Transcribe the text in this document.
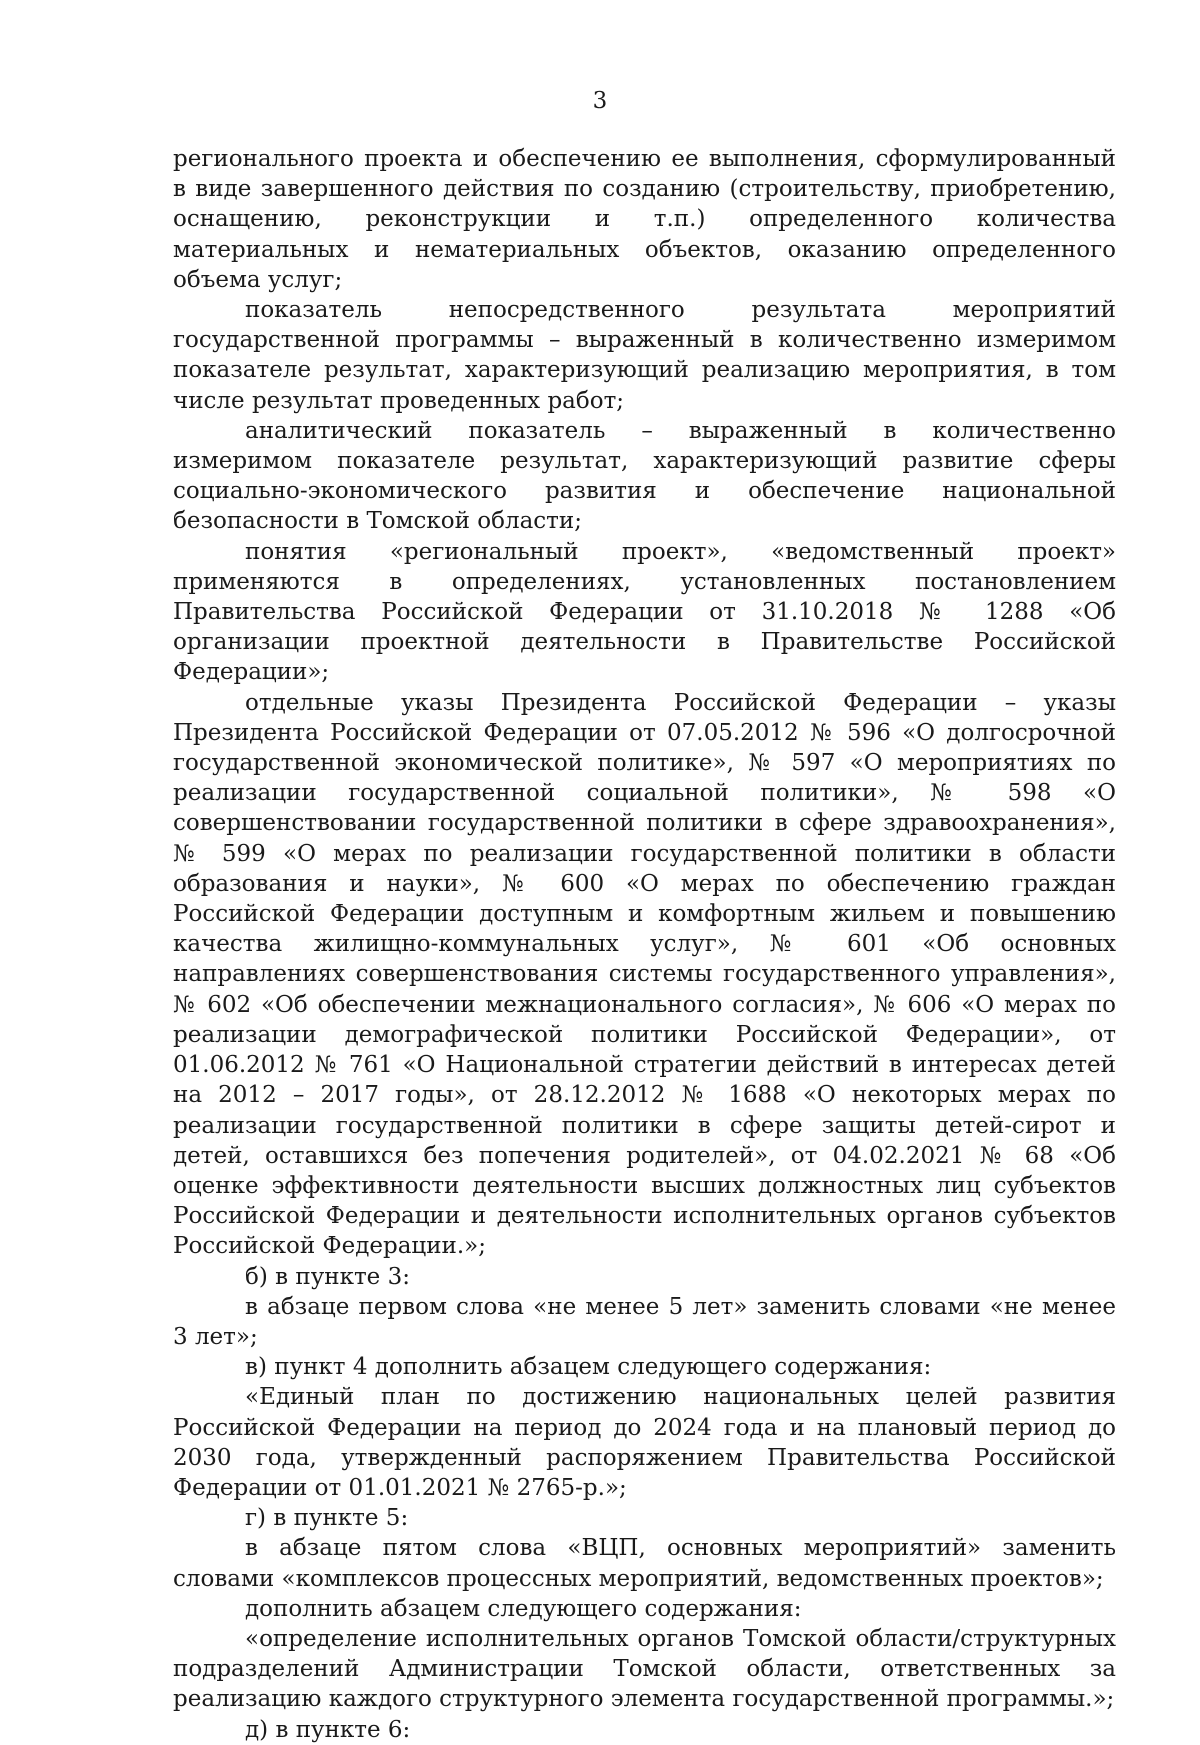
3

регионального проекта и обеспечению ее выполнения, сформулированный в виде завершенного действия по созданию (строительству, приобретению, оснащению, реконструкции и т.п.) определенного количества материальных и нематериальных объектов, оказанию определенного объема услуг;

показатель непосредственного результата мероприятий государственной программы – выраженный в количественно измеримом показателе результат, характеризующий реализацию мероприятия, в том числе результат проведенных работ;

аналитический показатель – выраженный в количественно измеримом показателе результат, характеризующий развитие сферы социально-экономического развития и обеспечение национальной безопасности в Томской области;

понятия «региональный проект», «ведомственный проект» применяются в определениях, установленных постановлением Правительства Российской Федерации от 31.10.2018 № 1288 «Об организации проектной деятельности в Правительстве Российской Федерации»;

отдельные указы Президента Российской Федерации – указы Президента Российской Федерации от 07.05.2012 № 596 «О долгосрочной государственной экономической политике», № 597 «О мероприятиях по реализации государственной социальной политики», № 598 «О совершенствовании государственной политики в сфере здравоохранения», № 599 «О мерах по реализации государственной политики в области образования и науки», № 600 «О мерах по обеспечению граждан Российской Федерации доступным и комфортным жильем и повышению качества жилищно-коммунальных услуг», № 601 «Об основных направлениях совершенствования системы государственного управления», № 602 «Об обеспечении межнационального согласия», № 606 «О мерах по реализации демографической политики Российской Федерации», от 01.06.2012 № 761 «О Национальной стратегии действий в интересах детей на 2012 – 2017 годы», от 28.12.2012 № 1688 «О некоторых мерах по реализации государственной политики в сфере защиты детей-сирот и детей, оставшихся без попечения родителей», от 04.02.2021 № 68 «Об оценке эффективности деятельности высших должностных лиц субъектов Российской Федерации и деятельности исполнительных органов субъектов Российской Федерации.»;

б) в пункте 3:

в абзаце первом слова «не менее 5 лет» заменить словами «не менее 3 лет»;

в) пункт 4 дополнить абзацем следующего содержания:

«Единый план по достижению национальных целей развития Российской Федерации на период до 2024 года и на плановый период до 2030 года, утвержденный распоряжением Правительства Российской Федерации от 01.01.2021 № 2765-р.»;

г) в пункте 5:

в абзаце пятом слова «ВЦП, основных мероприятий» заменить словами «комплексов процессных мероприятий, ведомственных проектов»;

дополнить абзацем следующего содержания:

«определение исполнительных органов Томской области/структурных подразделений Администрации Томской области, ответственных за реализацию каждого структурного элемента государственной программы.»;

д) в пункте 6:
